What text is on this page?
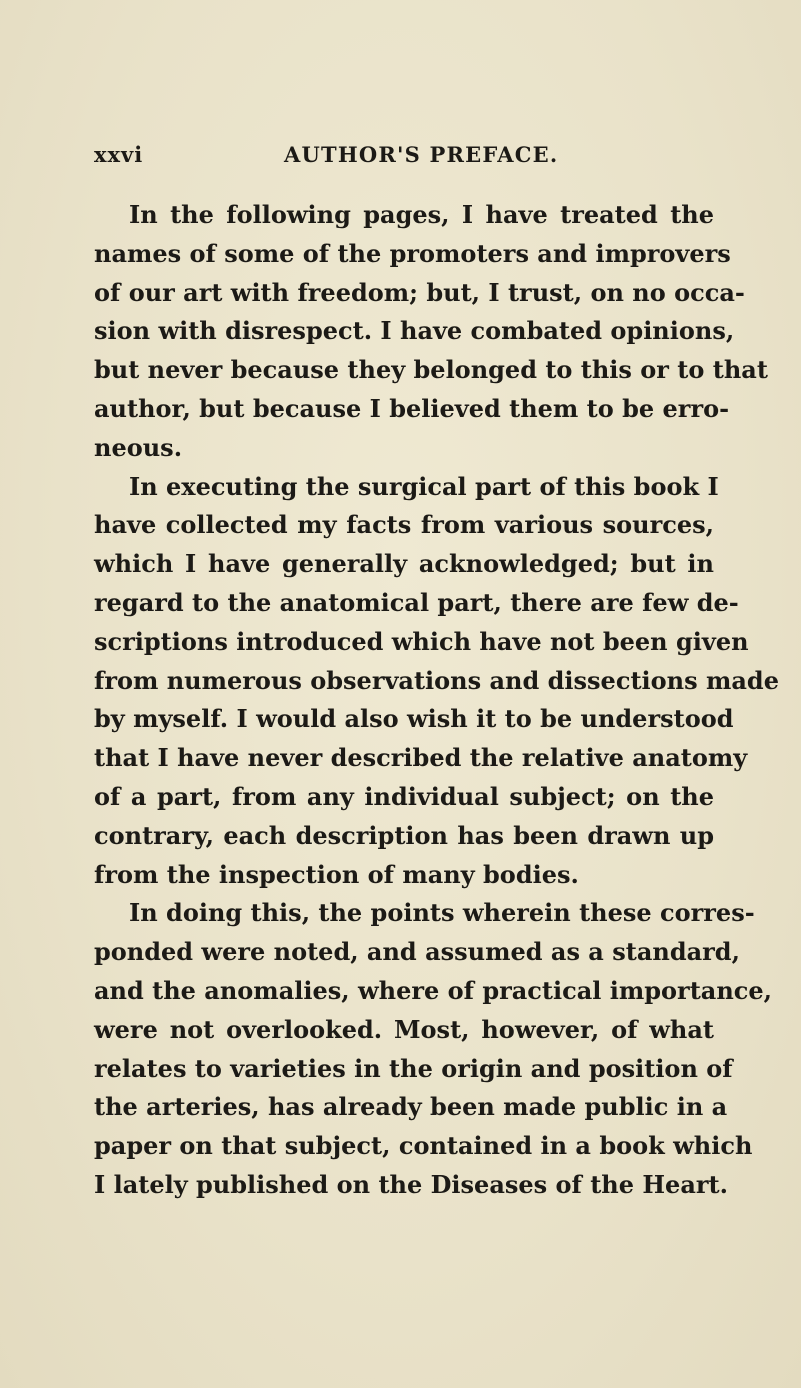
xxvi	AUTHOR'S PREFACE.
In the following pages, I have treated the
names of some of the promoters and improvers
of our art with freedom; but, I trust, on no occa-
sion with disrespect. I have combated opinions,
but never because they belonged to this or to that
author, but because I believed them to be erro-
neous.
In executing the surgical part of this book I
have collected my facts from various sources,
which I have generally acknowledged; but in
regard to the anatomical part, there are few de-
scriptions introduced which have not been given
from numerous observations and dissections made
by myself. I would also wish it to be understood
that I have never described the relative anatomy
of a part, from any individual subject; on the
contrary, each description has been drawn up
from the inspection of many bodies.
In doing this, the points wherein these corres-
ponded were noted, and assumed as a standard,
and the anomalies, where of practical importance,
were not overlooked. Most, however, of what
relates to varieties in the origin and position of
the arteries, has already been made public in a
paper on that subject, contained in a book which
I lately published on the Diseases of the Heart.
